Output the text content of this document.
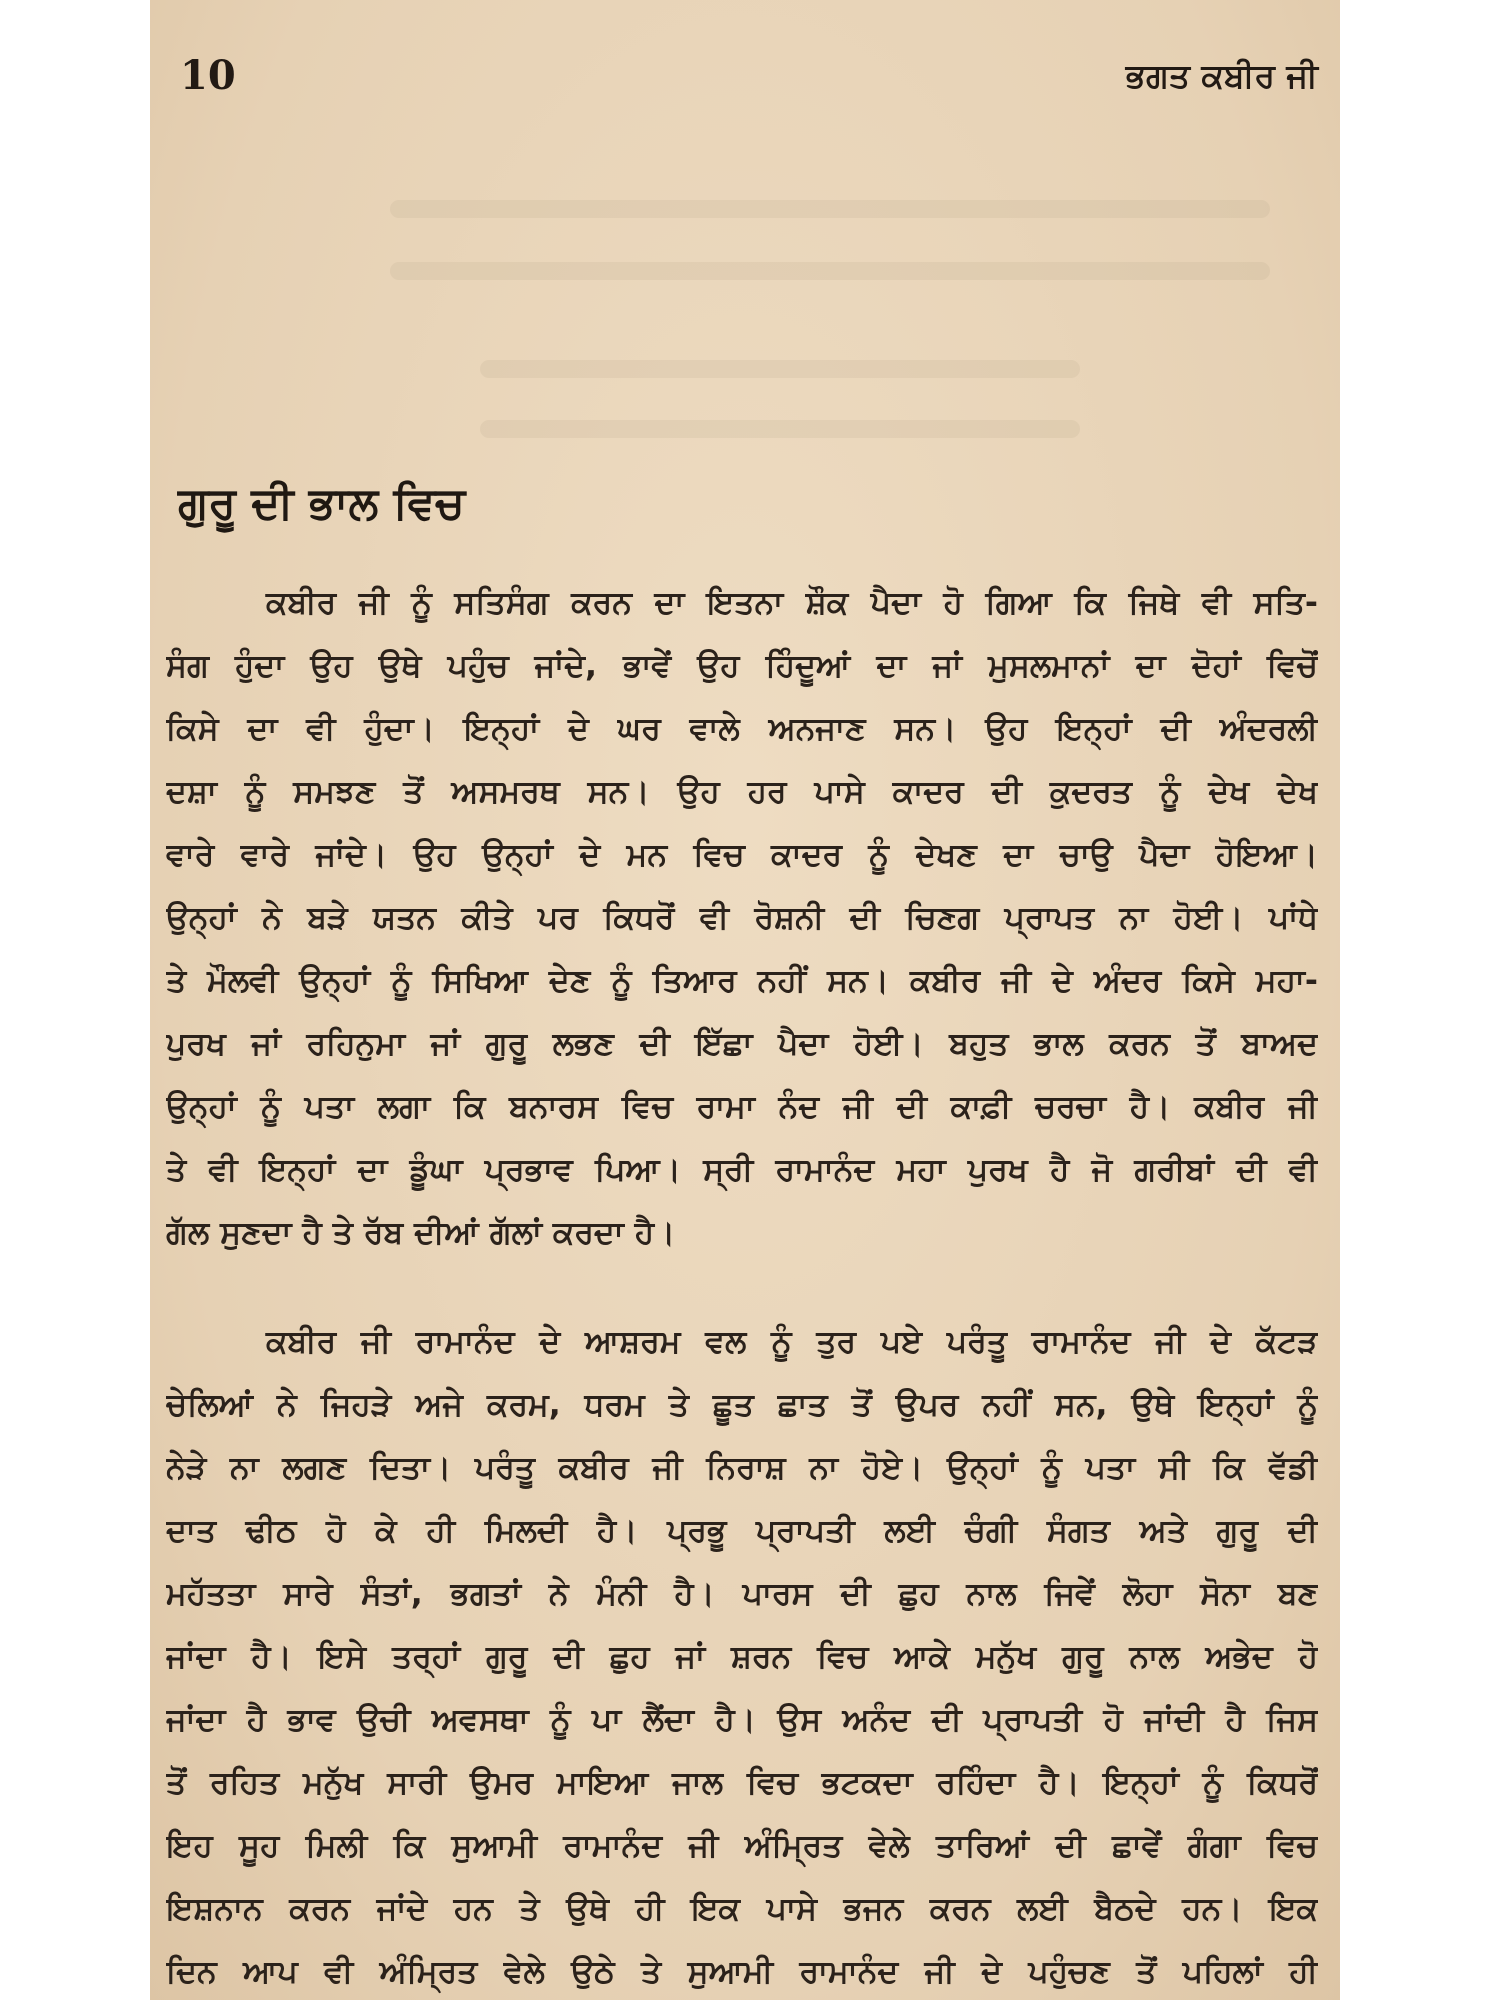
10	ਭਗਤ ਕਬੀਰ ਜੀ

ਗੁਰੂ ਦੀ ਭਾਲ ਵਿਚ
ਕਬੀਰ ਜੀ ਨੂੰ ਸਤਿਸੰਗ ਕਰਨ ਦਾ ਇਤਨਾ ਸ਼ੌਕ ਪੈਦਾ ਹੋ ਗਿਆ ਕਿ ਜਿਥੇ ਵੀ ਸਤਿ-
ਸੰਗ ਹੁੰਦਾ ਉਹ ਉਥੇ ਪਹੁੰਚ ਜਾਂਦੇ, ਭਾਵੇਂ ਉਹ ਹਿੰਦੂਆਂ ਦਾ ਜਾਂ ਮੁਸਲਮਾਨਾਂ ਦਾ ਦੋਹਾਂ ਵਿਚੋਂ
ਕਿਸੇ ਦਾ ਵੀ ਹੁੰਦਾ। ਇਨ੍ਹਾਂ ਦੇ ਘਰ ਵਾਲੇ ਅਨਜਾਣ ਸਨ। ਉਹ ਇਨ੍ਹਾਂ ਦੀ ਅੰਦਰਲੀ
ਦਸ਼ਾ ਨੂੰ ਸਮਝਣ ਤੋਂ ਅਸਮਰਥ ਸਨ। ਉਹ ਹਰ ਪਾਸੇ ਕਾਦਰ ਦੀ ਕੁਦਰਤ ਨੂੰ ਦੇਖ ਦੇਖ
ਵਾਰੇ ਵਾਰੇ ਜਾਂਦੇ। ਉਹ ਉਨ੍ਹਾਂ ਦੇ ਮਨ ਵਿਚ ਕਾਦਰ ਨੂੰ ਦੇਖਣ ਦਾ ਚਾਉ ਪੈਦਾ ਹੋਇਆ।
ਉਨ੍ਹਾਂ ਨੇ ਬੜੇ ਯਤਨ ਕੀਤੇ ਪਰ ਕਿਧਰੋਂ ਵੀ ਰੋਸ਼ਨੀ ਦੀ ਚਿਣਗ ਪ੍ਰਾਪਤ ਨਾ ਹੋਈ। ਪਾਂਧੇ
ਤੇ ਮੌਲਵੀ ਉਨ੍ਹਾਂ ਨੂੰ ਸਿਖਿਆ ਦੇਣ ਨੂੰ ਤਿਆਰ ਨਹੀਂ ਸਨ। ਕਬੀਰ ਜੀ ਦੇ ਅੰਦਰ ਕਿਸੇ ਮਹਾ-
ਪੁਰਖ ਜਾਂ ਰਹਿਨੁਮਾ ਜਾਂ ਗੁਰੂ ਲਭਣ ਦੀ ਇੱਛਾ ਪੈਦਾ ਹੋਈ। ਬਹੁਤ ਭਾਲ ਕਰਨ ਤੋਂ ਬਾਅਦ
ਉਨ੍ਹਾਂ ਨੂੰ ਪਤਾ ਲਗਾ ਕਿ ਬਨਾਰਸ ਵਿਚ ਰਾਮਾ ਨੰਦ ਜੀ ਦੀ ਕਾਫ਼ੀ ਚਰਚਾ ਹੈ। ਕਬੀਰ ਜੀ
ਤੇ ਵੀ ਇਨ੍ਹਾਂ ਦਾ ਡੂੰਘਾ ਪ੍ਰਭਾਵ ਪਿਆ। ਸ੍ਰੀ ਰਾਮਾਨੰਦ ਮਹਾ ਪੁਰਖ ਹੈ ਜੋ ਗਰੀਬਾਂ ਦੀ ਵੀ
ਗੱਲ ਸੁਣਦਾ ਹੈ ਤੇ ਰੱਬ ਦੀਆਂ ਗੱਲਾਂ ਕਰਦਾ ਹੈ।
ਕਬੀਰ ਜੀ ਰਾਮਾਨੰਦ ਦੇ ਆਸ਼ਰਮ ਵਲ ਨੂੰ ਤੁਰ ਪਏ ਪਰੰਤੂ ਰਾਮਾਨੰਦ ਜੀ ਦੇ ਕੱਟੜ
ਚੇਲਿਆਂ ਨੇ ਜਿਹੜੇ ਅਜੇ ਕਰਮ, ਧਰਮ ਤੇ ਛੂਤ ਛਾਤ ਤੋਂ ਉਪਰ ਨਹੀਂ ਸਨ, ਉਥੇ ਇਨ੍ਹਾਂ ਨੂੰ
ਨੇੜੇ ਨਾ ਲਗਣ ਦਿਤਾ। ਪਰੰਤੂ ਕਬੀਰ ਜੀ ਨਿਰਾਸ਼ ਨਾ ਹੋਏ। ਉਨ੍ਹਾਂ ਨੂੰ ਪਤਾ ਸੀ ਕਿ ਵੱਡੀ
ਦਾਤ ਢੀਠ ਹੋ ਕੇ ਹੀ ਮਿਲਦੀ ਹੈ। ਪ੍ਰਭੂ ਪ੍ਰਾਪਤੀ ਲਈ ਚੰਗੀ ਸੰਗਤ ਅਤੇ ਗੁਰੂ ਦੀ
ਮਹੱਤਤਾ ਸਾਰੇ ਸੰਤਾਂ, ਭਗਤਾਂ ਨੇ ਮੰਨੀ ਹੈ। ਪਾਰਸ ਦੀ ਛੁਹ ਨਾਲ ਜਿਵੇਂ ਲੋਹਾ ਸੋਨਾ ਬਣ
ਜਾਂਦਾ ਹੈ। ਇਸੇ ਤਰ੍ਹਾਂ ਗੁਰੂ ਦੀ ਛੁਹ ਜਾਂ ਸ਼ਰਨ ਵਿਚ ਆਕੇ ਮਨੁੱਖ ਗੁਰੂ ਨਾਲ ਅਭੇਦ ਹੋ
ਜਾਂਦਾ ਹੈ ਭਾਵ ਉਚੀ ਅਵਸਥਾ ਨੂੰ ਪਾ ਲੈਂਦਾ ਹੈ। ਉਸ ਅਨੰਦ ਦੀ ਪ੍ਰਾਪਤੀ ਹੋ ਜਾਂਦੀ ਹੈ ਜਿਸ
ਤੋਂ ਰਹਿਤ ਮਨੁੱਖ ਸਾਰੀ ਉਮਰ ਮਾਇਆ ਜਾਲ ਵਿਚ ਭਟਕਦਾ ਰਹਿੰਦਾ ਹੈ। ਇਨ੍ਹਾਂ ਨੂੰ ਕਿਧਰੋਂ
ਇਹ ਸੂਹ ਮਿਲੀ ਕਿ ਸੁਆਮੀ ਰਾਮਾਨੰਦ ਜੀ ਅੰਮ੍ਰਿਤ ਵੇਲੇ ਤਾਰਿਆਂ ਦੀ ਛਾਵੇਂ ਗੰਗਾ ਵਿਚ
ਇਸ਼ਨਾਨ ਕਰਨ ਜਾਂਦੇ ਹਨ ਤੇ ਉਥੇ ਹੀ ਇਕ ਪਾਸੇ ਭਜਨ ਕਰਨ ਲਈ ਬੈਠਦੇ ਹਨ। ਇਕ
ਦਿਨ ਆਪ ਵੀ ਅੰਮ੍ਰਿਤ ਵੇਲੇ ਉਠੇ ਤੇ ਸੁਆਮੀ ਰਾਮਾਨੰਦ ਜੀ ਦੇ ਪਹੁੰਚਣ ਤੋਂ ਪਹਿਲਾਂ ਹੀ
